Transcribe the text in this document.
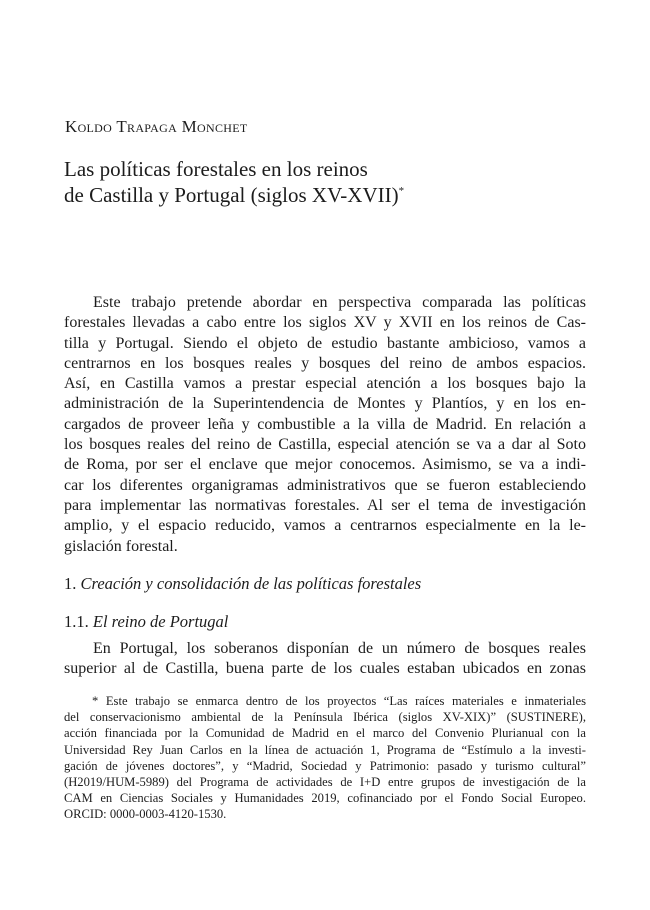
Koldo Trapaga Monchet
Las políticas forestales en los reinos
de Castilla y Portugal (siglos XV-XVII)*
Este trabajo pretende abordar en perspectiva comparada las políticas
forestales llevadas a cabo entre los siglos XV y XVII en los reinos de Cas-
tilla y Portugal. Siendo el objeto de estudio bastante ambicioso, vamos a
centrarnos en los bosques reales y bosques del reino de ambos espacios.
Así, en Castilla vamos a prestar especial atención a los bosques bajo la
administración de la Superintendencia de Montes y Plantíos, y en los en-
cargados de proveer leña y combustible a la villa de Madrid. En relación a
los bosques reales del reino de Castilla, especial atención se va a dar al Soto
de Roma, por ser el enclave que mejor conocemos. Asimismo, se va a indi-
car los diferentes organigramas administrativos que se fueron estableciendo
para implementar las normativas forestales. Al ser el tema de investigación
amplio, y el espacio reducido, vamos a centrarnos especialmente en la le-
gislación forestal.
1. Creación y consolidación de las políticas forestales
1.1. El reino de Portugal
En Portugal, los soberanos disponían de un número de bosques reales
superior al de Castilla, buena parte de los cuales estaban ubicados en zonas
* Este trabajo se enmarca dentro de los proyectos “Las raíces materiales e inmateriales
del conservacionismo ambiental de la Península Ibérica (siglos XV-XIX)” (SUSTINERE),
acción financiada por la Comunidad de Madrid en el marco del Convenio Plurianual con la
Universidad Rey Juan Carlos en la línea de actuación 1, Programa de “Estímulo a la investi-
gación de jóvenes doctores”, y “Madrid, Sociedad y Patrimonio: pasado y turismo cultural”
(H2019/HUM-5989) del Programa de actividades de I+D entre grupos de investigación de la
CAM en Ciencias Sociales y Humanidades 2019, cofinanciado por el Fondo Social Europeo.
ORCID: 0000-0003-4120-1530.
